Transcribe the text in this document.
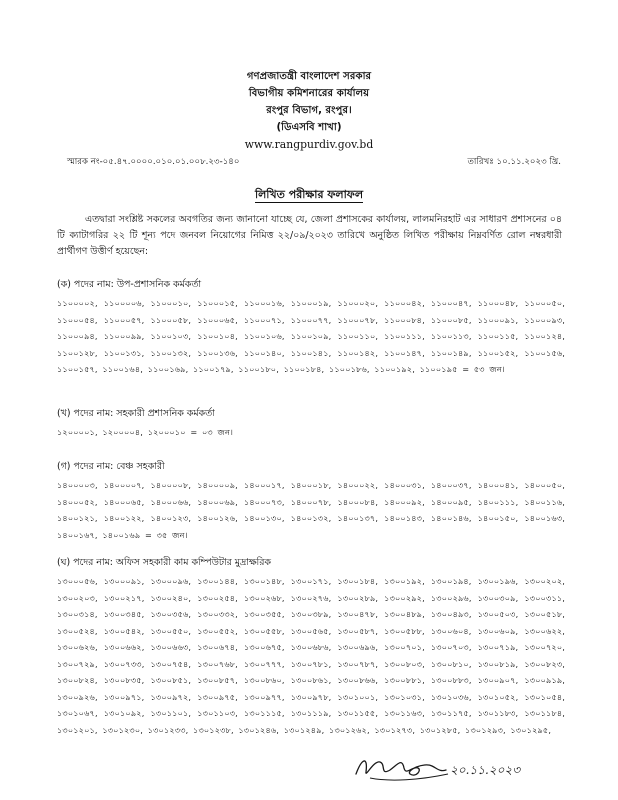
গণপ্রজাতন্ত্রী বাংলাদেশ সরকার
বিভাগীয় কমিশনারের কার্যালয়
রংপুর বিভাগ, রংপুর।
(ডিএসবি শাখা)
www.rangpurdiv.gov.bd
স্মারক নং-০৫.৪৭.০০০০.০১০.০১.০০৮.২৩-১৪০	তারিখঃ ১০.১১.২০২৩ খ্রি.
লিখিত পরীক্ষার ফলাফল
এতদ্বারা সংশ্লিষ্ট সকলের অবগতির জন্য জানানো যাচ্ছে যে, জেলা প্রশাসকের কার্যালয়, লালমনিরহাট এর সাধারণ প্রশাসনের ০৪ টি ক্যাটাগরির ২২ টি শূন্য পদে জনবল নিয়োগের নিমিত্ত ২২/০৯/২০২৩ তারিখে অনুষ্ঠিত লিখিত পরীক্ষায় নিম্নবর্ণিত রোল নম্বরধারী প্রার্থীগণ উত্তীর্ণ হয়েছেন:
(ক) পদের নাম: উপ-প্রশাসনিক কর্মকর্তা
১১০০০০২, ১১০০০০৬, ১১০০০১০, ১১০০০১৫, ১১০০০১৬, ১১০০০১৯, ১১০০০২০, ১১০০০৪২, ১১০০০৪৭, ১১০০০৪৮, ১১০০০৫০, ১১০০০৫৪, ১১০০০৫৭, ১১০০০৫৮, ১১০০০৬৫, ১১০০০৭১, ১১০০০৭৭, ১১০০০৭৮, ১১০০০৮৪, ১১০০০৮৫, ১১০০০৯১, ১১০০০৯৩, ১১০০০৯৪, ১১০০০৯৯, ১১০০১০৩, ১১০০১০৪, ১১০০১০৬, ১১০০১০৯, ১১০০১১০, ১১০০১১১, ১১০০১১৩, ১১০০১১৫, ১১০০১২৪, ১১০০১২৮, ১১০০১৩১, ১১০০১৩২, ১১০০১৩৬, ১১০০১৪০, ১১০০১৪১, ১১০০১৪২, ১১০০১৪৭, ১১০০১৪৯, ১১০০১৫২, ১১০০১৫৬, ১১০০১৫৭, ১১০০১৬৪, ১১০০১৬৯, ১১০০১৭৯, ১১০০১৮০, ১১০০১৮৪, ১১০০১৮৬, ১১০০১৯২, ১১০০১৯৫ = ৫৩ জন।
(খ) পদের নাম: সহকারী প্রশাসনিক কর্মকর্তা
১২০০০০১, ১২০০০০৪, ১২০০০১০ = ০৩ জন।
(গ) পদের নাম: বেঞ্চ সহকারী
১৪০০০০৩, ১৪০০০০৭, ১৪০০০০৮, ১৪০০০০৯, ১৪০০০১৭, ১৪০০০১৮, ১৪০০০২২, ১৪০০০৩১, ১৪০০০৩৭, ১৪০০০৪১, ১৪০০০৫০, ১৪০০০৫২, ১৪০০০৬৫, ১৪০০০৬৬, ১৪০০০৬৯, ১৪০০০৭৩, ১৪০০০৭৮, ১৪০০০৮৪, ১৪০০০৯২, ১৪০০০৯৫, ১৪০০১১১, ১৪০০১১৬, ১৪০০১২১, ১৪০০১২২, ১৪০০১২৩, ১৪০০১২৬, ১৪০০১৩০, ১৪০০১৩২, ১৪০০১৩৭, ১৪০০১৪৩, ১৪০০১৪৬, ১৪০০১৫০, ১৪০০১৬৩, ১৪০০১৬৭, ১৪০০১৬৯ = ৩৫ জন।
(ঘ) পদের নাম: অফিস সহকারী কাম কম্পিউটার মুদ্রাক্ষরিক
১৩০০০৫৬, ১৩০০০৯১, ১৩০০০৯৬, ১৩০০১৪৪, ১৩০০১৪৮, ১৩০০১৭১, ১৩০০১৮৪, ১৩০০১৯২, ১৩০০১৯৪, ১৩০০১৯৬, ১৩০০২০২, ১৩০০২০৩, ১৩০০২১৭, ১৩০০২৪০, ১৩০০২৫৪, ১৩০০২৬৮, ১৩০০২৭৬, ১৩০০২৮৯, ১৩০০২৯২, ১৩০০২৯৬, ১৩০০৩০৯, ১৩০০৩১১, ১৩০০৩১৪, ১৩০০৩৪৫, ১৩০০৩৫৬, ১৩০০৩৩২, ১৩০০৩৫৫, ১৩০০৩৮৯, ১৩০০৪৭৮, ১৩০০৪৮৯, ১৩০০৪৯৩, ১৩০০৫০৩, ১৩০০৫১৮, ১৩০০৫২৪, ১৩০০৫৪২, ১৩০০৫৫০, ১৩০০৫৫২, ১৩০০৫৫৮, ১৩০০৫৬৫, ১৩০০৫৮৭, ১৩০০৫৮৮, ১৩০০৬০৪, ১৩০০৬০৯, ১৩০০৬২২, ১৩০০৬২৬, ১৩০০৬৬২, ১৩০০৬৬৩, ১৩০০৬৭৪, ১৩০০৬৭৫, ১৩০০৬৮৬, ১৩০০৬৯৬, ১৩০০৭০১, ১৩০০৭০৩, ১৩০০৭১৯, ১৩০০৭২০, ১৩০০৭২৯, ১৩০০৭৩৩, ১৩০০৭৫৪, ১৩০০৭৬৮, ১৩০০৭৭৭, ১৩০০৭৮১, ১৩০০৭৮৭, ১৩০০৮০৩, ১৩০০৮১০, ১৩০০৮১৯, ১৩০০৮২৩, ১৩০০৮২৪, ১৩০০৮৩৫, ১৩০০৮৫১, ১৩০০৮৫৭, ১৩০০৮৬০, ১৩০০৮৬১, ১৩০০৮৬৬, ১৩০০৮৮১, ১৩০০৮৮৩, ১৩০০৯০৭, ১৩০০৯১৯, ১৩০০৯২৬, ১৩০০৯৭১, ১৩০০৯৭২, ১৩০০৯৭৫, ১৩০০৯৭৭, ১৩০০৯৭৮, ১৩০১০০১, ১৩০১০৩১, ১৩০১০৩৬, ১৩০১০৫২, ১৩০১০৫৪, ১৩০১০৬৭, ১৩০১০৯২, ১৩০১১০১, ১৩০১১০৩, ১৩০১১১৫, ১৩০১১১৯, ১৩০১১৫৫, ১৩০১১৬৩, ১৩০১১৭৫, ১৩০১১৮৩, ১৩০১১৮৪, ১৩০১২০১, ১৩০১২৩০, ১৩০১২৩৩, ১৩০১২৩৮, ১৩০১২৪৬, ১৩০১২৪৯, ১৩০১২৬২, ১৩০১২৭৩, ১৩০১২৮৫, ১৩০১২৯৩, ১৩০১২৯৫,
২০.১১.২০২৩
